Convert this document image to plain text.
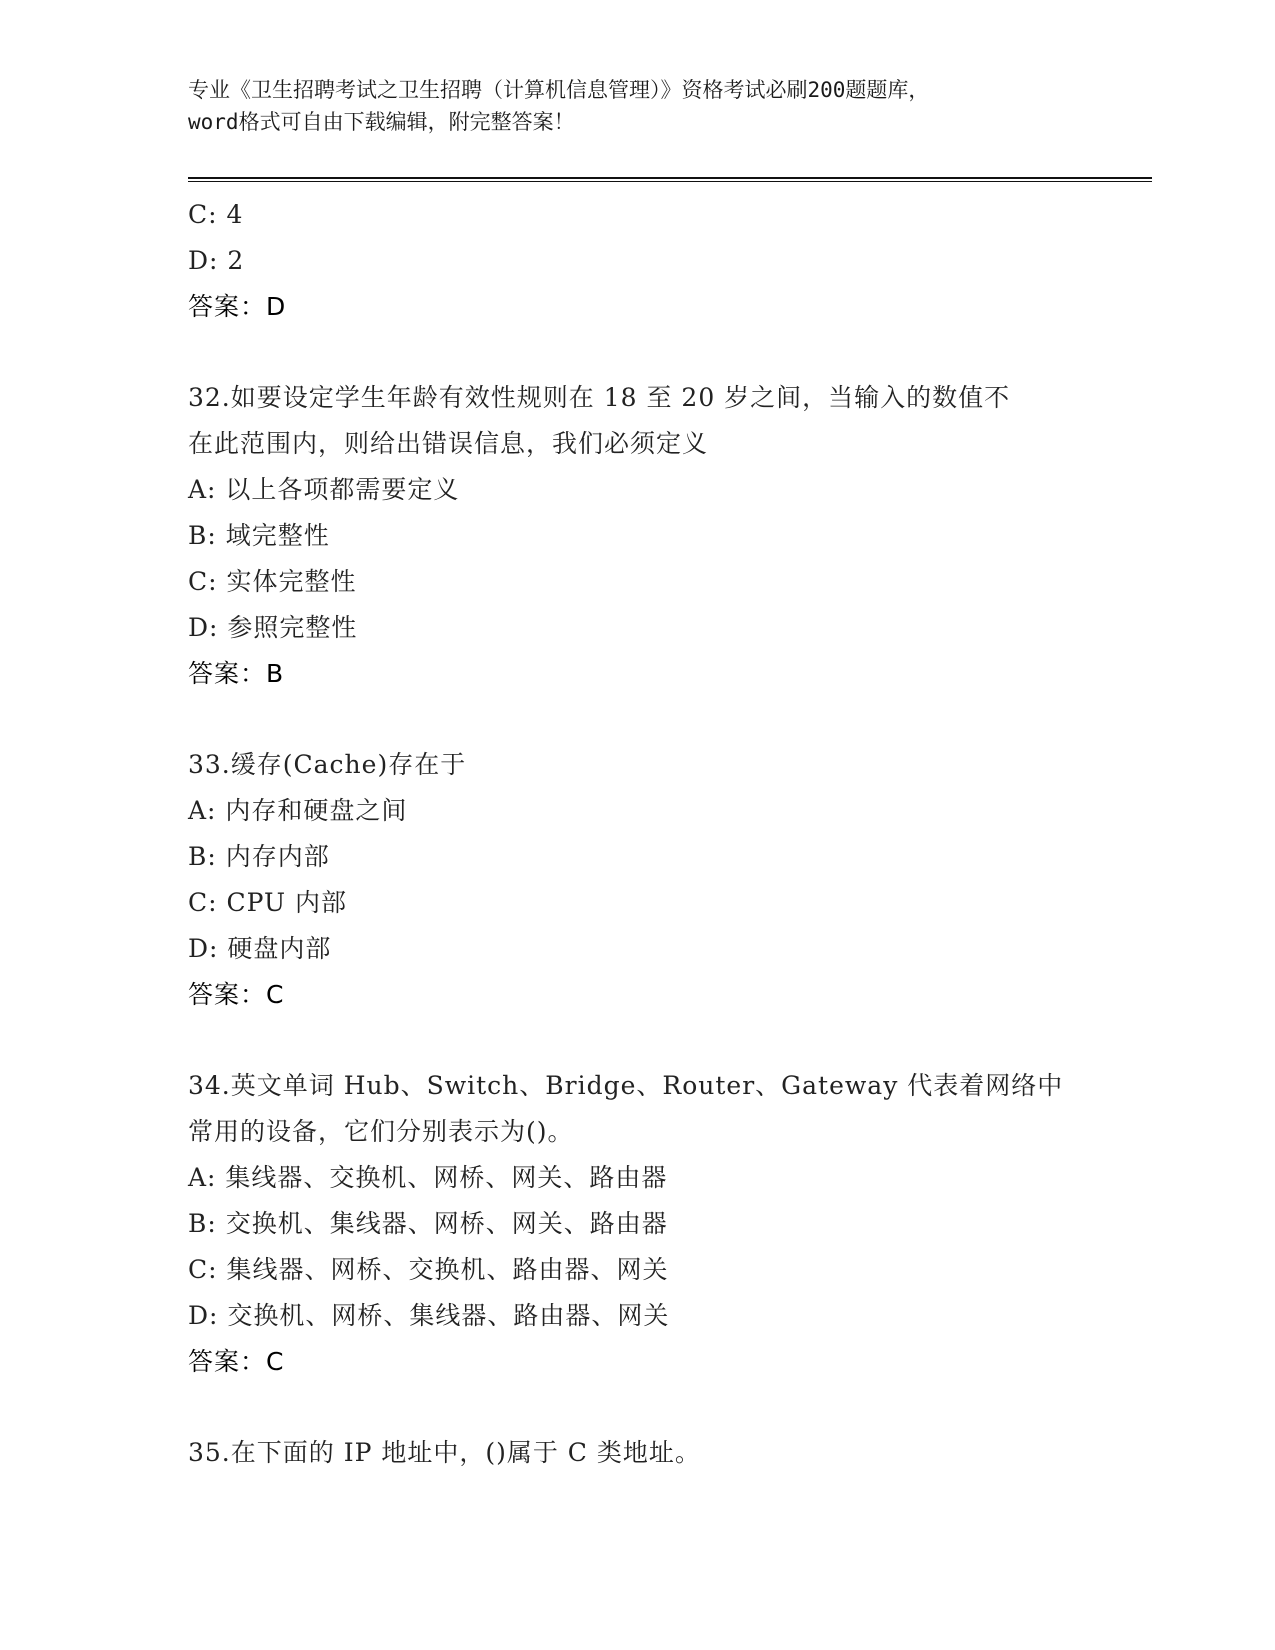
专业《卫生招聘考试之卫生招聘（计算机信息管理）》资格考试必刷200题题库，
word格式可自由下载编辑，附完整答案！
C: 4
D: 2
答案：D
32.如要设定学生年龄有效性规则在 18 至 20 岁之间，当输入的数值不
在此范围内，则给出错误信息，我们必须定义
A: 以上各项都需要定义
B: 域完整性
C: 实体完整性
D: 参照完整性
答案：B
33.缓存(Cache)存在于
A: 内存和硬盘之间
B: 内存内部
C: CPU 内部
D: 硬盘内部
答案：C
34.英文单词 Hub、Switch、Bridge、Router、Gateway 代表着网络中
常用的设备，它们分别表示为()。
A: 集线器、交换机、网桥、网关、路由器
B: 交换机、集线器、网桥、网关、路由器
C: 集线器、网桥、交换机、路由器、网关
D: 交换机、网桥、集线器、路由器、网关
答案：C
35.在下面的 IP 地址中，()属于 C 类地址。
